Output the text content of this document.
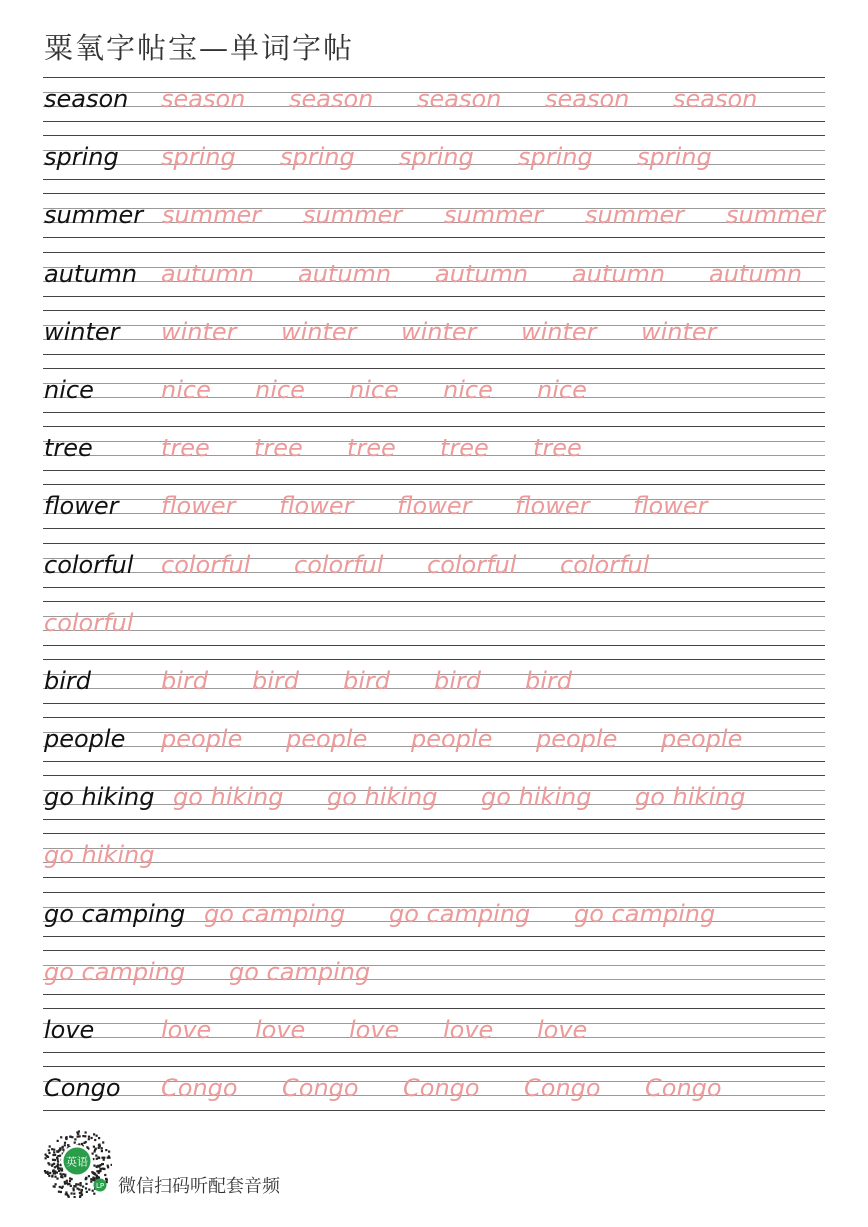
粟氧字帖宝—单词字帖
season season season season season season
spring spring spring spring spring spring
summer summer summer summer summer summer
autumn autumn autumn autumn autumn autumn
winter winter winter winter winter winter
nice	nice nice nice nice nice
tree	tree tree tree tree tree
flower flower flower flower flower flower
colorful colorful colorful colorful colorful
colorful
bird	bird bird bird bird bird
people people people people people people
go hiking go hiking go hiking go hiking go hiking
go hiking
go camping go camping go camping go camping
go camping go camping
love	love love love love love
Congo Congo Congo Congo Congo Congo
英语
LP 微信扫码听配套音频
